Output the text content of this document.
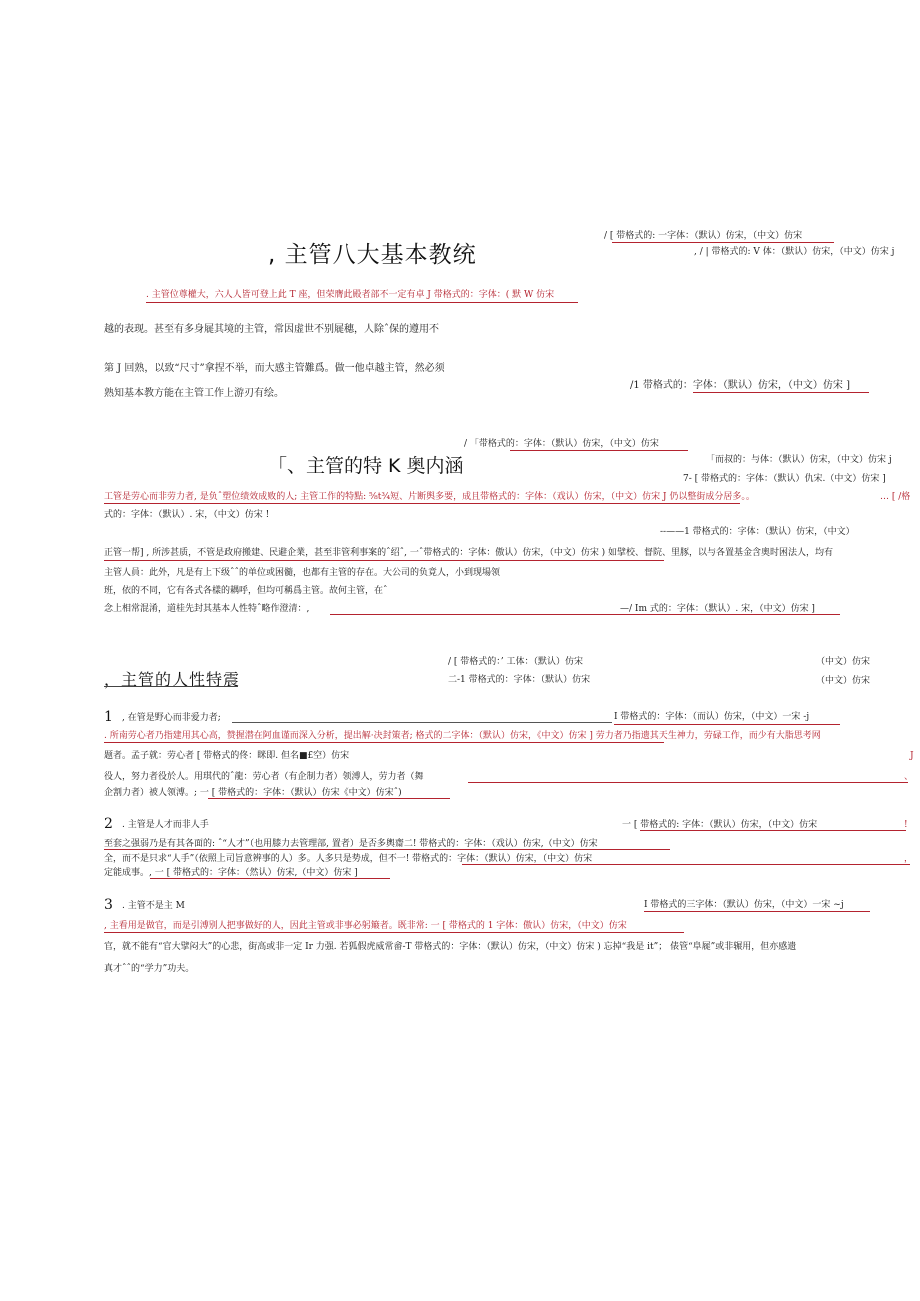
, 主管八大基本教统
/ [ 带格式的: 一字体：（默认）仿宋，（中文）仿宋
, / | 带格式的: V 体：（默认）仿宋，（中文）仿宋 j
. 主管位尊權大，六人人皆可登上此 T 座，但荣膺此殿者部不一定有卓 J 带格式的：字体：( 默 W 仿宋
越的表现。甚至有多身屣其境的主管，常因虚世不别屣穗，人除ˆ保的遵用不
第 J 回熟，以致“尺寸”拿捏不举，而大感主管難爲。做一他卓越主管，然必须
熟知基本教方能在主管工作上游刃有绘。
/1 带格式的：字体：（默认）仿宋，（中文）仿宋 ]
/ 「带格式的：字体：（默认）仿宋，（中文）仿宋
「、主管的特 K 奥内涵	「而叔的：与体：（默认）仿宋，（中文）仿宋 j
7- [ 带格式的：字体：（默认）仇宋.（中文）仿宋 ]
工管是劳心而非劳力者, 是负ˆ塑位绩效成败的人; 主管工作的特點: ⅝t¾短、片断舆多要，成且带格式的：字体：（戏认）仿宋，（中文）仿宋 J 仍以整街成分居多。。	… [ /格
式的：字体：（默认）. 宋，（中文）仿宋 !
--——1 带格式的：字体：（默认）仿宋，（中文）
正管一帮] , 所涉甚质，不管是政府搬建、民避企業，甚至非管利事案的ˆ绍ˆ, 一ˆ带格式的：字体：傲认）仿宋，（中文）仿宋 ) 如擘校、督院、里豚，以与各置基金含奧时困法人，均有
主管人員：此外，凡是有上下级ˆˆ的单位或困髓，也都有主管的存在。大公司的负竟人，小到现場领
班，依的不同，它有各式各樣的耦呼，但均可稱爲主管。故何主管，在ˆ
念上相常混淆，道桂先封其基本人性特ˆ略作澄清：,	—/ Im 式的：字体：（默认）. 宋，（中文）仿宋 ]
/ [ 带格式的：’ 工体：（默认）仿宋
二-1 带格式的：字体：（默认）仿宋
，主管的人性特震
（中文）仿宋
（中文）仿宋
1 , 在管是野心而非爱力者;	I 带格式的：字体：（而认）仿宋，（中文）一宋 -j
. 所南劳心者乃指建用其心高，赞握潜在阿血谨而深入分析，提出解·决封策者; 格式的二字体：（默认）仿宋，《中文）仿宋 ] 劳力者乃指遗其天生神力，劳碌工作，而少有大脂思考网
题者。孟子就：劳心者 [ 带格式的佟：眯即. 但名■£空）仿宋	J
役人，努力者役於人。用琪代的ˆ龍：劳心者（有企制力者）领溥人，劳力者（舞	、
企割力者）被人领溥。; 一 [ 带格式的：字体：（默认）仿宋《中文）仿宋ˆ)
2 . 主管是人才而非人手	一 [ 带格式的: 字体：（默认）仿宋，（中文）仿宋	!
至套之强弱乃是有其各面的: ˆ“人才”（也用膝力去管理部, 置者）是否多輿齋二! 带格式的：字体：（戏认）仿宋,（中文）仿宋
全，而不是只求“人手”（依照上司旨意辨事的人）多。人多只是势成，但不一! 带格式的：字体：（默认）仿宋，（中文）仿宋	，
定能成事。, 一 [ 带格式的：字体：（然认）仿宋,（中文）仿宋 ]
3 . 主管不是主 M	I 带格式的三字体：（默认）仿宋，（中文）一宋 ~j
, 主看用是做官，而是引溥别人把事做好的人，因此主管或非事必躬簸者。既非常: 一 [ 带格式的 1 字体：傲认）仿宋，（中文）仿宋
官，就不能有“官大擘闷大”的心悲，街高或非一定 Ir 力强. 若狐假虎威常畲-T 带格式的：字体：（默认）仿宋，（中文）仿宋 ) 忘掉“我是 it”； 俵管“阜屣”或非辗用，但亦感遗
真才ˆˆ的“学力”功夫。
